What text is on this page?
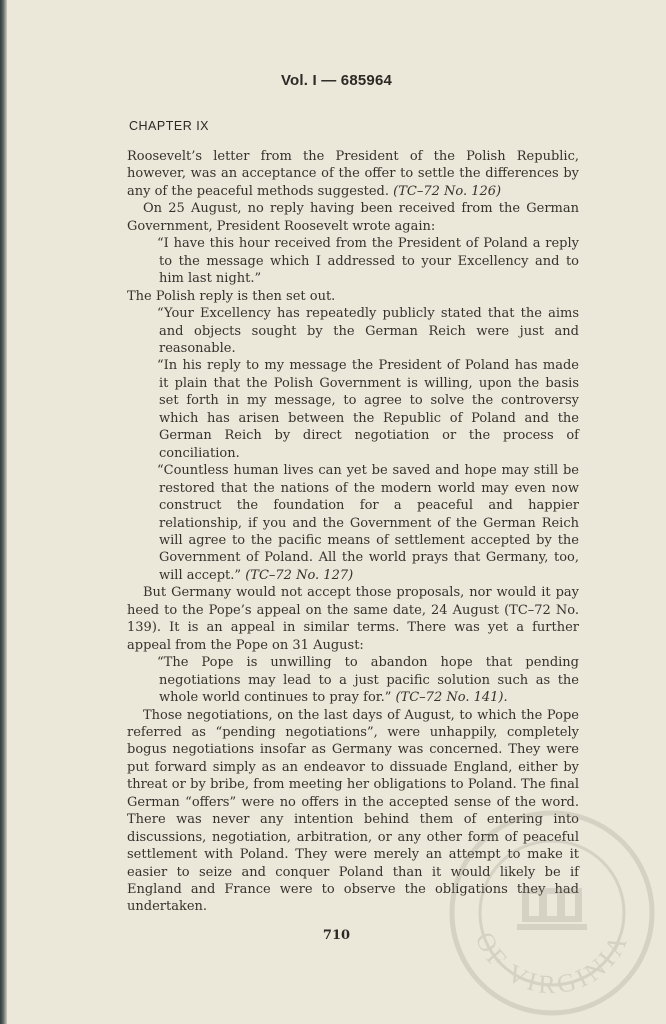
Vol. I — 685964
CHAPTER IX

Roosevelt’s letter from the President of the Polish Republic, however, was an acceptance of the offer to settle the differences by any of the peaceful methods suggested. (TC–72 No. 126)

On 25 August, no reply having been received from the German Government, President Roosevelt wrote again:

“I have this hour received from the President of Poland a reply to the message which I addressed to your Excellency and to him last night.”

The Polish reply is then set out.

“Your Excellency has repeatedly publicly stated that the aims and objects sought by the German Reich were just and reasonable.

“In his reply to my message the President of Poland has made it plain that the Polish Government is willing, upon the basis set forth in my message, to agree to solve the controversy which has arisen between the Republic of Poland and the German Reich by direct negotiation or the process of conciliation.

“Countless human lives can yet be saved and hope may still be restored that the nations of the modern world may even now construct the foundation for a peaceful and happier relationship, if you and the Government of the German Reich will agree to the pacific means of settlement accepted by the Government of Poland. All the world prays that Germany, too, will accept.” (TC–72 No. 127)

But Germany would not accept those proposals, nor would it pay heed to the Pope’s appeal on the same date, 24 August (TC–72 No. 139). It is an appeal in similar terms. There was yet a further appeal from the Pope on 31 August:

“The Pope is unwilling to abandon hope that pending negotiations may lead to a just pacific solution such as the whole world continues to pray for.” (TC–72 No. 141).

Those negotiations, on the last days of August, to which the Pope referred as “pending negotiations”, were unhappily, completely bogus negotiations insofar as Germany was concerned. They were put forward simply as an endeavor to dissuade England, either by threat or by bribe, from meeting her obligations to Poland. The final German “offers” were no offers in the accepted sense of the word. There was never any intention behind them of entering into discussions, negotiation, arbitration, or any other form of peaceful settlement with Poland. They were merely an attempt to make it easier to seize and conquer Poland than it would likely be if England and France were to observe the obligations they had undertaken.

710	OF VIRGINIA
